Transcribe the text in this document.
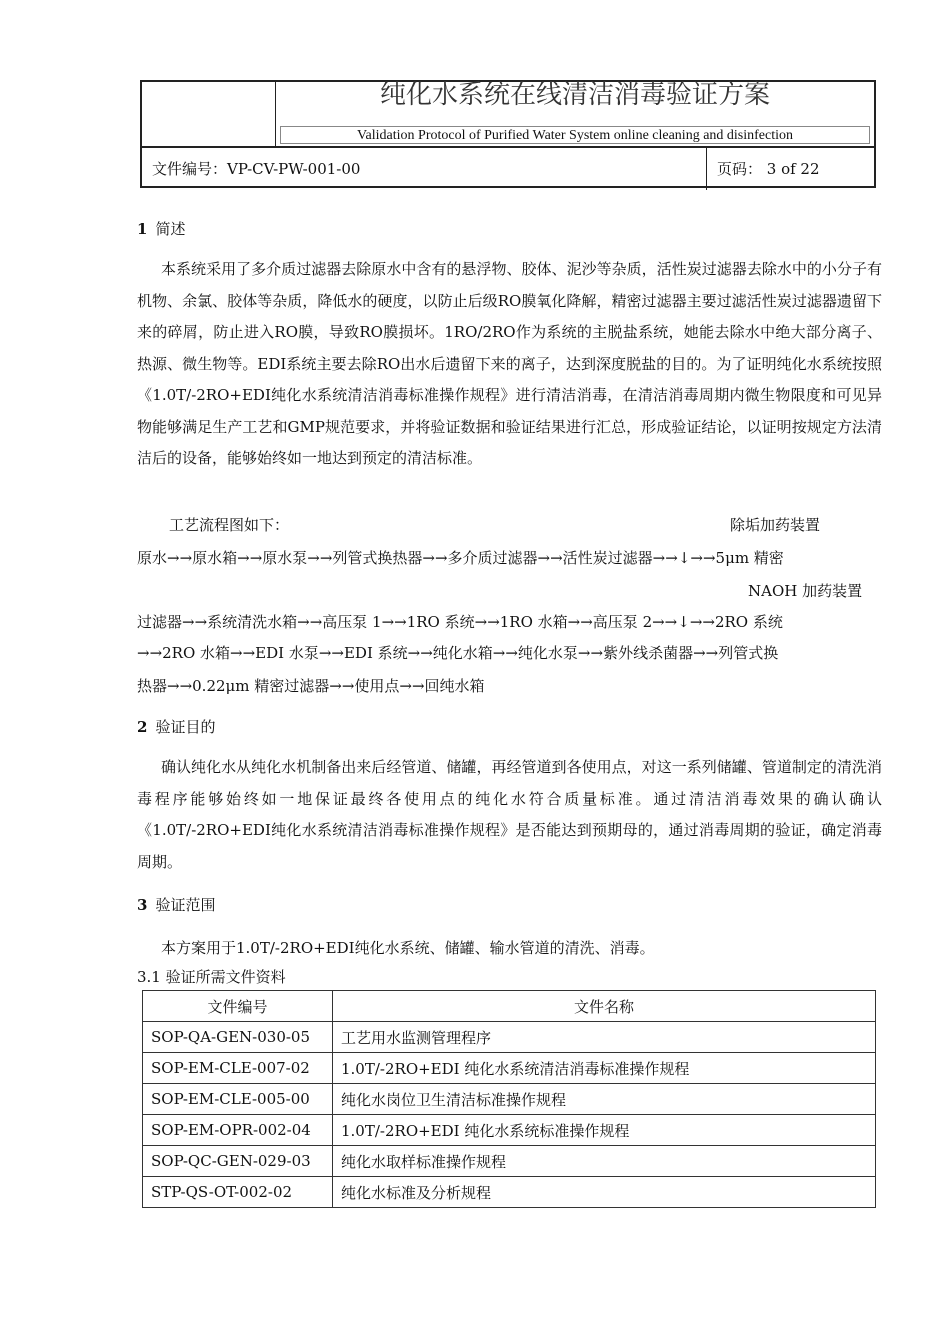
纯化水系统在线清洁消毒验证方案
Validation Protocol of Purified Water System online cleaning and disinfection
文件编号：VP-CV-PW-001-00	页码： 3 of 22
1 简述
本系统采用了多介质过滤器去除原水中含有的悬浮物、胶体、泥沙等杂质，活性炭过滤器去除水中的小分子有机物、余氯、胶体等杂质，降低水的硬度，以防止后级RO膜氧化降解，精密过滤器主要过滤活性炭过滤器遗留下来的碎屑，防止进入RO膜，导致RO膜损坏。1RO/2RO作为系统的主脱盐系统，她能去除水中绝大部分离子、热源、微生物等。EDI系统主要去除RO出水后遗留下来的离子，达到深度脱盐的目的。为了证明纯化水系统按照《1.0T/-2RO+EDI纯化水系统清洁消毒标准操作规程》进行清洁消毒，在清洁消毒周期内微生物限度和可见异物能够满足生产工艺和GMP规范要求，并将验证数据和验证结果进行汇总，形成验证结论，以证明按规定方法清洁后的设备，能够始终如一地达到预定的清洁标准。
工艺流程图如下：	除垢加药装置
原水→→原水箱→→原水泵→→列管式换热器→→多介质过滤器→→活性炭过滤器→→↓→→5μm 精密
NAOH 加药装置
过滤器→→系统清洗水箱→→高压泵 1→→1RO 系统→→1RO 水箱→→高压泵 2→→↓→→2RO 系统
→→2RO 水箱→→EDI 水泵→→EDI 系统→→纯化水箱→→纯化水泵→→紫外线杀菌器→→列管式换
热器→→0.22μm 精密过滤器→→使用点→→回纯水箱
2 验证目的
确认纯化水从纯化水机制备出来后经管道、储罐，再经管道到各使用点，对这一系列储罐、管道制定的清洗消毒程序能够始终如一地保证最终各使用点的纯化水符合质量标准。通过清洁消毒效果的确认确认《1.0T/-2RO+EDI纯化水系统清洁消毒标准操作规程》是否能达到预期母的，通过消毒周期的验证，确定消毒周期。
3 验证范围
本方案用于1.0T/-2RO+EDI纯化水系统、储罐、输水管道的清洗、消毒。
3.1 验证所需文件资料
文件编号	文件名称
SOP-QA-GEN-030-05	工艺用水监测管理程序
SOP-EM-CLE-007-02	1.0T/-2RO+EDI 纯化水系统清洁消毒标准操作规程
SOP-EM-CLE-005-00	纯化水岗位卫生清洁标准操作规程
SOP-EM-OPR-002-04	1.0T/-2RO+EDI 纯化水系统标准操作规程
SOP-QC-GEN-029-03	纯化水取样标准操作规程
STP-QS-OT-002-02	纯化水标准及分析规程
